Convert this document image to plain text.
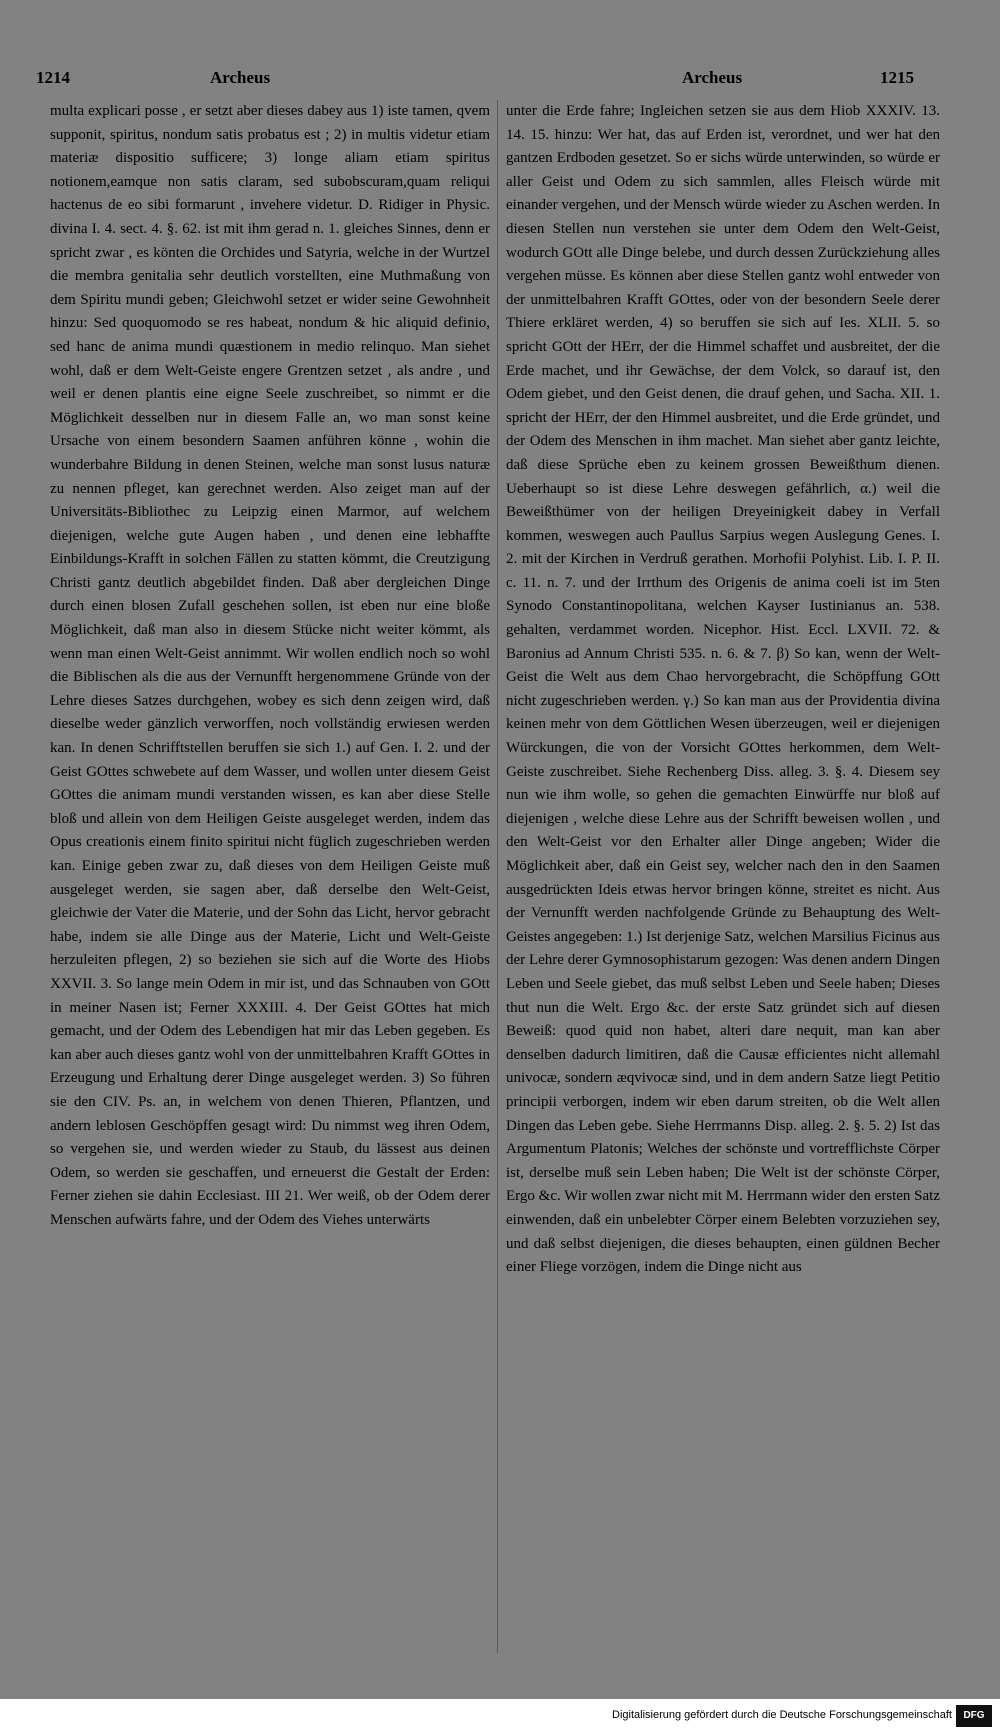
1214	Archeus	Archeus	1215

multa explicari posse , er setzt aber dieses dabey aus 1) iste tamen, qvem supponit, spiritus, nondum satis probatus est ; 2) in multis videtur etiam materiæ dispositio sufficere; 3) longe aliam etiam spiritus notionem,eamque non satis claram, sed subobscuram,quam reliqui hactenus de eo sibi formarunt , invehere videtur. D. Ridiger in Physic. divina I. 4. sect. 4. §. 62. ist mit ihm gerad n. 1. gleiches Sinnes, denn er spricht zwar , es könten die Orchides und Satyria, welche in der Wurtzel die membra genitalia sehr deutlich vorstellten, eine Muthmaßung von dem Spiritu mundi geben; Gleichwohl setzet er wider seine Gewohnheit hinzu: Sed quoquomodo se res habeat, nondum & hic aliquid definio, sed hanc de anima mundi quæstionem in medio relinquo. Man siehet wohl, daß er dem Welt-Geiste engere Grentzen setzet , als andre , und weil er denen plantis eine eigne Seele zuschreibet, so nimmt er die Möglichkeit desselben nur in diesem Falle an, wo man sonst keine Ursache von einem besondern Saamen anführen könne , wohin die wunderbahre Bildung in denen Steinen, welche man sonst lusus naturæ zu nennen pfleget, kan gerechnet werden. Also zeiget man auf der Universitäts-Bibliothec zu Leipzig einen Marmor, auf welchem diejenigen, welche gute Augen haben , und denen eine lebhaffte Einbildungs-Krafft in solchen Fällen zu statten kömmt, die Creutzigung Christi gantz deutlich abgebildet finden. Daß aber dergleichen Dinge durch einen blosen Zufall geschehen sollen, ist eben nur eine bloße Möglichkeit, daß man also in diesem Stücke nicht weiter kömmt, als wenn man einen Welt-Geist annimmt. Wir wollen endlich noch so wohl die Biblischen als die aus der Vernunfft hergenommene Gründe von der Lehre dieses Satzes durchgehen, wobey es sich denn zeigen wird, daß dieselbe weder gänzlich verworffen, noch vollständig erwiesen werden kan. In denen Schrifftstellen beruffen sie sich 1.) auf Gen. I. 2. und der Geist GOttes schwebete auf dem Wasser, und wollen unter diesem Geist GOttes die animam mundi verstanden wissen, es kan aber diese Stelle bloß und allein von dem Heiligen Geiste ausgeleget werden, indem das Opus creationis einem finito spiritui nicht füglich zugeschrieben werden kan. Einige geben zwar zu, daß dieses von dem Heiligen Geiste muß ausgeleget werden, sie sagen aber, daß derselbe den Welt-Geist, gleichwie der Vater die Materie, und der Sohn das Licht, hervor gebracht habe, indem sie alle Dinge aus der Materie, Licht und Welt-Geiste herzuleiten pflegen, 2) so beziehen sie sich auf die Worte des Hiobs XXVII. 3. So lange mein Odem in mir ist, und das Schnauben von GOtt in meiner Nasen ist; Ferner XXXIII. 4. Der Geist GOttes hat mich gemacht, und der Odem des Lebendigen hat mir das Leben gegeben. Es kan aber auch dieses gantz wohl von der unmittelbahren Krafft GOttes in Erzeugung und Erhaltung derer Dinge ausgeleget werden. 3) So führen sie den CIV. Ps. an, in welchem von denen Thieren, Pflantzen, und andern leblosen Geschöpffen gesagt wird: Du nimmst weg ihren Odem, so vergehen sie, und werden wieder zu Staub, du lässest aus deinen Odem, so werden sie geschaffen, und erneuerst die Gestalt der Erden: Ferner ziehen sie dahin Ecclesiast. III 21. Wer weiß, ob der Odem derer Menschen aufwärts fahre, und der Odem des Viehes unterwärts

unter die Erde fahre; Ingleichen setzen sie aus dem Hiob XXXIV. 13. 14. 15. hinzu: Wer hat, das auf Erden ist, verordnet, und wer hat den gantzen Erdboden gesetzet. So er sichs würde unterwinden, so würde er aller Geist und Odem zu sich sammlen, alles Fleisch würde mit einander vergehen, und der Mensch würde wieder zu Aschen werden. In diesen Stellen nun verstehen sie unter dem Odem den Welt-Geist, wodurch GOtt alle Dinge belebe, und durch dessen Zurückziehung alles vergehen müsse. Es können aber diese Stellen gantz wohl entweder von der unmittelbahren Krafft GOttes, oder von der besondern Seele derer Thiere erkläret werden, 4) so beruffen sie sich auf Ies. XLII. 5. so spricht GOtt der HErr, der die Himmel schaffet und ausbreitet, der die Erde machet, und ihr Gewächse, der dem Volck, so darauf ist, den Odem giebet, und den Geist denen, die drauf gehen, und Sacha. XII. 1. spricht der HErr, der den Himmel ausbreitet, und die Erde gründet, und der Odem des Menschen in ihm machet. Man siehet aber gantz leichte, daß diese Sprüche eben zu keinem grossen Beweißthum dienen. Ueberhaupt so ist diese Lehre deswegen gefährlich, α.) weil die Beweißthümer von der heiligen Dreyeinigkeit dabey in Verfall kommen, weswegen auch Paullus Sarpius wegen Auslegung Genes. I. 2. mit der Kirchen in Verdruß gerathen. Morhofii Polyhist. Lib. I. P. II. c. 11. n. 7. und der Irrthum des Origenis de anima coeli ist im 5ten Synodo Constantinopolitana, welchen Kayser Iustinianus an. 538. gehalten, verdammet worden. Nicephor. Hist. Eccl. LXVII. 72. & Baronius ad Annum Christi 535. n. 6. & 7. β) So kan, wenn der Welt-Geist die Welt aus dem Chao hervorgebracht, die Schöpffung GOtt nicht zugeschrieben werden. γ.) So kan man aus der Providentia divina keinen mehr von dem Göttlichen Wesen überzeugen, weil er diejenigen Würckungen, die von der Vorsicht GOttes herkommen, dem Welt-Geiste zuschreibet. Siehe Rechenberg Diss. alleg. 3. §. 4. Diesem sey nun wie ihm wolle, so gehen die gemachten Einwürffe nur bloß auf diejenigen , welche diese Lehre aus der Schrifft beweisen wollen , und den Welt-Geist vor den Erhalter aller Dinge angeben; Wider die Möglichkeit aber, daß ein Geist sey, welcher nach den in den Saamen ausgedrückten Ideis etwas hervor bringen könne, streitet es nicht. Aus der Vernunfft werden nachfolgende Gründe zu Behauptung des Welt-Geistes angegeben: 1.) Ist derjenige Satz, welchen Marsilius Ficinus aus der Lehre derer Gymnosophistarum gezogen: Was denen andern Dingen Leben und Seele giebet, das muß selbst Leben und Seele haben; Dieses thut nun die Welt. Ergo &c. der erste Satz gründet sich auf diesen Beweiß: quod quid non habet, alteri dare nequit, man kan aber denselben dadurch limitiren, daß die Causæ efficientes nicht allemahl univocæ, sondern æqvivocæ sind, und in dem andern Satze liegt Petitio principii verborgen, indem wir eben darum streiten, ob die Welt allen Dingen das Leben gebe. Siehe Herrmanns Disp. alleg. 2. §. 5. 2) Ist das Argumentum Platonis; Welches der schönste und vortrefflichste Cörper ist, derselbe muß sein Leben haben; Die Welt ist der schönste Cörper, Ergo &c. Wir wollen zwar nicht mit M. Herrmann wider den ersten Satz einwenden, daß ein unbelebter Cörper einem Belebten vorzuziehen sey, und daß selbst diejenigen, die dieses behaupten, einen güldnen Becher einer Fliege vorzögen, indem die Dinge nicht aus

Digitalisierung gefördert durch die Deutsche Forschungsgemeinschaft	DFG
